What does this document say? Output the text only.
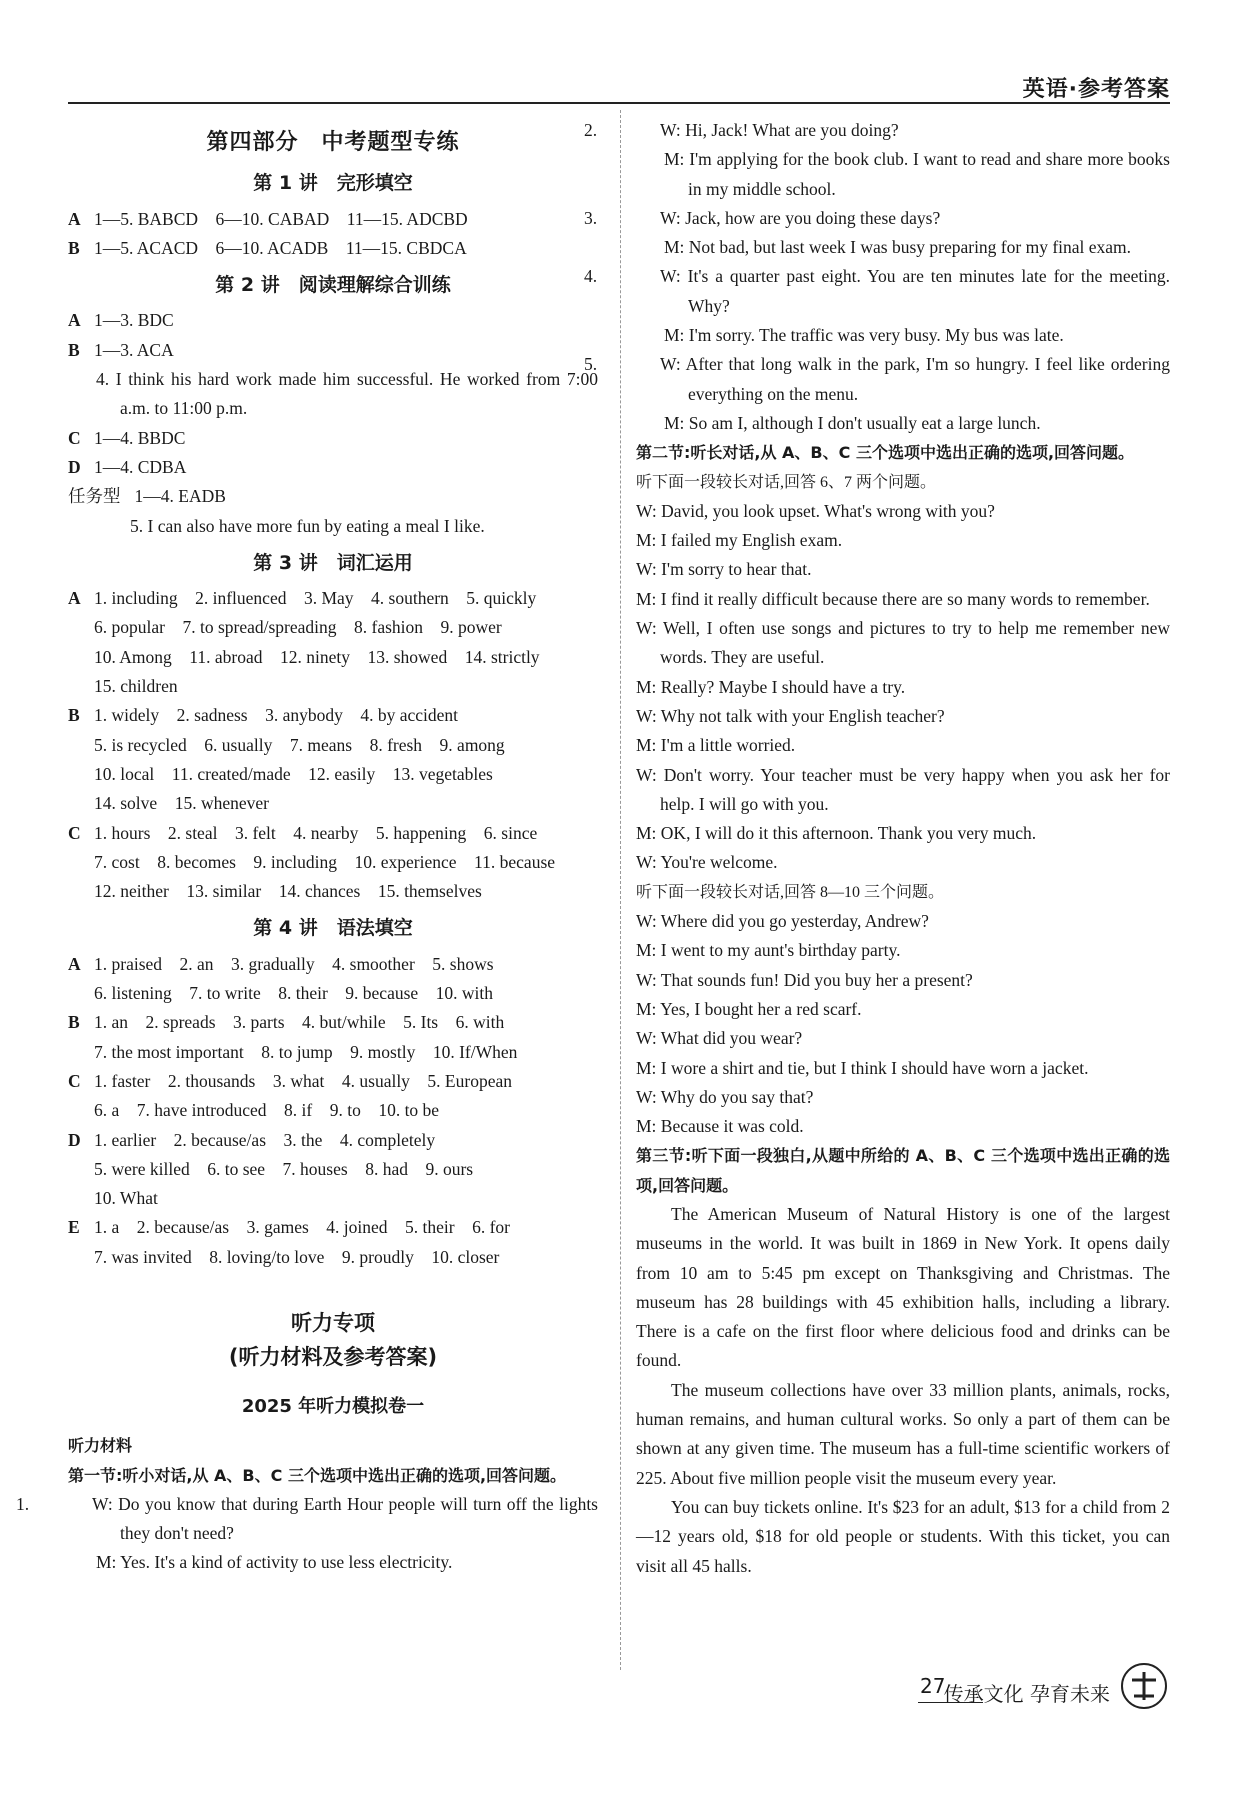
英语·参考答案
第四部分　中考题型专练
第 1 讲　完形填空
A 1—5. BABCD　6—10. CABAD　11—15. ADCBD
B 1—5. ACACD　6—10. ACADB　11—15. CBDCA
第 2 讲　阅读理解综合训练
A 1—3. BDC
B 1—3. ACA
4. I think his hard work made him successful. He worked from 7:00 a.m. to 11:00 p.m.
C 1—4. BBDC
D 1—4. CDBA
任务型 1—4. EADB
5. I can also have more fun by eating a meal I like.
第 3 讲　词汇运用
A 1. including　2. influenced　3. May　4. southern　5. quickly
6. popular　7. to spread/spreading　8. fashion　9. power
10. Among　11. abroad　12. ninety　13. showed　14. strictly
15. children
B 1. widely　2. sadness　3. anybody　4. by accident
5. is recycled　6. usually　7. means　8. fresh　9. among
10. local　11. created/made　12. easily　13. vegetables
14. solve　15. whenever
C 1. hours　2. steal　3. felt　4. nearby　5. happening　6. since
7. cost　8. becomes　9. including　10. experience　11. because
12. neither　13. similar　14. chances　15. themselves
第 4 讲　语法填空
A 1. praised　2. an　3. gradually　4. smoother　5. shows
6. listening　7. to write　8. their　9. because　10. with
B 1. an　2. spreads　3. parts　4. but/while　5. Its　6. with
7. the most important　8. to jump　9. mostly　10. If/When
C 1. faster　2. thousands　3. what　4. usually　5. European
6. a　7. have introduced　8. if　9. to　10. to be
D 1. earlier　2. because/as　3. the　4. completely
5. were killed　6. to see　7. houses　8. had　9. ours
10. What
E 1. a　2. because/as　3. games　4. joined　5. their　6. for
7. was invited　8. loving/to love　9. proudly　10. closer
听力专项
(听力材料及参考答案)
2025 年听力模拟卷一
听力材料
第一节:听小对话,从 A、B、C 三个选项中选出正确的选项,回答问题。
1.	W: Do you know that during Earth Hour people will turn off the lights they don't need?
M: Yes. It's a kind of activity to use less electricity.
2.	W: Hi, Jack! What are you doing?
M: I'm applying for the book club. I want to read and share more books in my middle school.
3.	W: Jack, how are you doing these days?
M: Not bad, but last week I was busy preparing for my final exam.
4.	W: It's a quarter past eight. You are ten minutes late for the meeting. Why?
M: I'm sorry. The traffic was very busy. My bus was late.
5.	W: After that long walk in the park, I'm so hungry. I feel like ordering everything on the menu.
M: So am I, although I don't usually eat a large lunch.
第二节:听长对话,从 A、B、C 三个选项中选出正确的选项,回答问题。
听下面一段较长对话,回答 6、7 两个问题。
W: David, you look upset. What's wrong with you?
M: I failed my English exam.
W: I'm sorry to hear that.
M: I find it really difficult because there are so many words to remember.
W: Well, I often use songs and pictures to try to help me remember new words. They are useful.
M: Really? Maybe I should have a try.
W: Why not talk with your English teacher?
M: I'm a little worried.
W: Don't worry. Your teacher must be very happy when you ask her for help. I will go with you.
M: OK, I will do it this afternoon. Thank you very much.
W: You're welcome.
听下面一段较长对话,回答 8—10 三个问题。
W: Where did you go yesterday, Andrew?
M: I went to my aunt's birthday party.
W: That sounds fun! Did you buy her a present?
M: Yes, I bought her a red scarf.
W: What did you wear?
M: I wore a shirt and tie, but I think I should have worn a jacket.
W: Why do you say that?
M: Because it was cold.
第三节:听下面一段独白,从题中所给的 A、B、C 三个选项中选出正确的选项,回答问题。
The American Museum of Natural History is one of the largest museums in the world. It was built in 1869 in New York. It opens daily from 10 am to 5:45 pm except on Thanksgiving and Christmas. The museum has 28 buildings with 45 exhibition halls, including a library. There is a cafe on the first floor where delicious food and drinks can be found.
The museum collections have over 33 million plants, animals, rocks, human remains, and human cultural works. So only a part of them can be shown at any given time. The museum has a full-time scientific workers of 225. About five million people visit the museum every year.
You can buy tickets online. It's $23 for an adult, $13 for a child from 2—12 years old, $18 for old people or students. With this ticket, you can visit all 45 halls.
27
传承文化 孕育未来
